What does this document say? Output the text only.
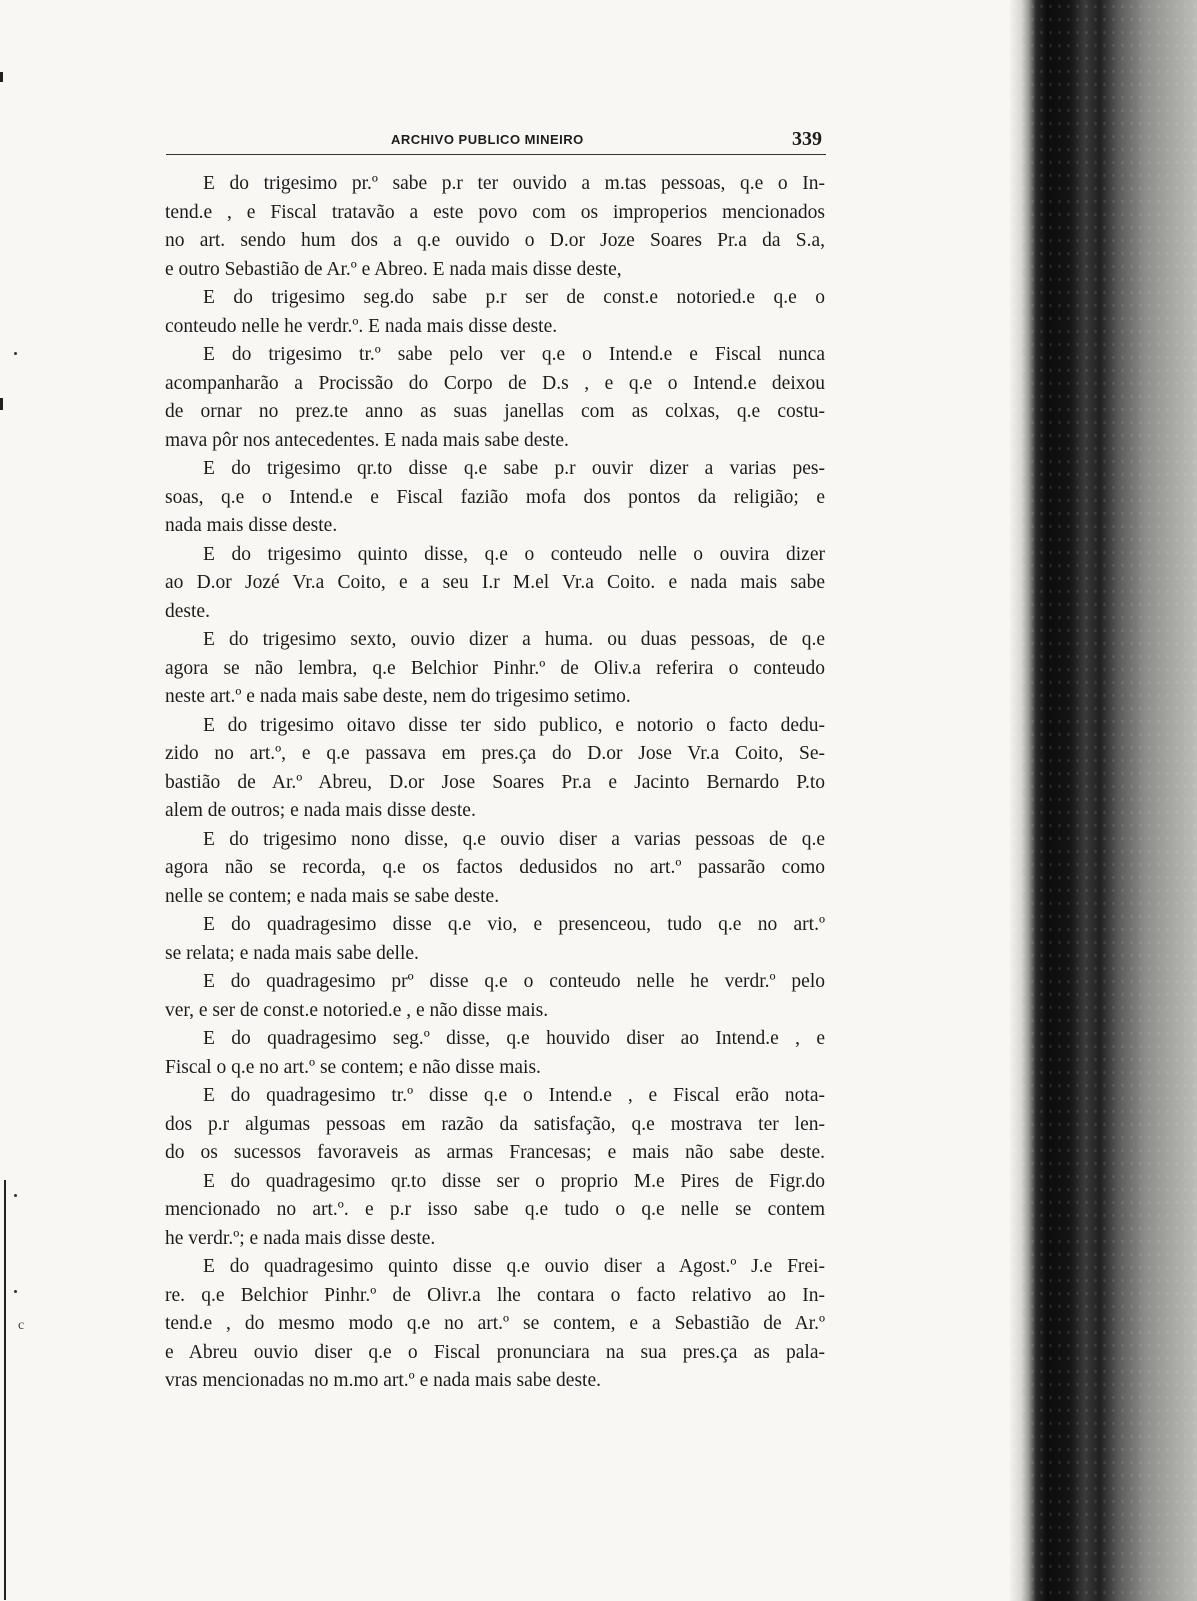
ARCHIVO PUBLICO MINEIRO	339
E do trigesimo pr.º sabe p.r ter ouvido a m.tas pessoas, q.e o In-
tend.e , e Fiscal tratavão a este povo com os improperios mencionados
no art. sendo hum dos a q.e ouvido o D.or Joze Soares Pr.a da S.a,
e outro Sebastião de Ar.º e Abreo. E nada mais disse deste,
E do trigesimo seg.do sabe p.r ser de const.e notoried.e q.e o
conteudo nelle he verdr.º. E nada mais disse deste.
E do trigesimo tr.º sabe pelo ver q.e o Intend.e e Fiscal nunca
acompanharão a Procissão do Corpo de D.s , e q.e o Intend.e deixou
de ornar no prez.te anno as suas janellas com as colxas, q.e costu-
mava pôr nos antecedentes. E nada mais sabe deste.
E do trigesimo qr.to disse q.e sabe p.r ouvir dizer a varias pes-
soas, q.e o Intend.e e Fiscal fazião mofa dos pontos da religião; e
nada mais disse deste.
E do trigesimo quinto disse, q.e o conteudo nelle o ouvira dizer
ao D.or Jozé Vr.a Coito, e a seu I.r M.el Vr.a Coito. e nada mais sabe
deste.
E do trigesimo sexto, ouvio dizer a huma. ou duas pessoas, de q.e
agora se não lembra, q.e Belchior Pinhr.º de Oliv.a referira o conteudo
neste art.º e nada mais sabe deste, nem do trigesimo setimo.
E do trigesimo oitavo disse ter sido publico, e notorio o facto dedu-
zido no art.º, e q.e passava em pres.ça do D.or Jose Vr.a Coito, Se-
bastião de Ar.º Abreu, D.or Jose Soares Pr.a e Jacinto Bernardo P.to
alem de outros; e nada mais disse deste.
E do trigesimo nono disse, q.e ouvio diser a varias pessoas de q.e
agora não se recorda, q.e os factos dedusidos no art.º passarão como
nelle se contem; e nada mais se sabe deste.
E do quadragesimo disse q.e vio, e presenceou, tudo q.e no art.º
se relata; e nada mais sabe delle.
E do quadragesimo prº disse q.e o conteudo nelle he verdr.º pelo
ver, e ser de const.e notoried.e , e não disse mais.
E do quadragesimo seg.º disse, q.e houvido diser ao Intend.e , e
Fiscal o q.e no art.º se contem; e não disse mais.
E do quadragesimo tr.º disse q.e o Intend.e , e Fiscal erão nota-
dos p.r algumas pessoas em razão da satisfação, q.e mostrava ter len-
do os sucessos favoraveis as armas Francesas; e mais não sabe deste.
E do quadragesimo qr.to disse ser o proprio M.e Pires de Figr.do
mencionado no art.º. e p.r isso sabe q.e tudo o q.e nelle se contem
he verdr.º; e nada mais disse deste.
E do quadragesimo quinto disse q.e ouvio diser a Agost.º J.e Frei-
re. q.e Belchior Pinhr.º de Olivr.a lhe contara o facto relativo ao In-
tend.e , do mesmo modo q.e no art.º se contem, e a Sebastião de Ar.º
e Abreu ouvio diser q.e o Fiscal pronunciara na sua pres.ça as pala-
vras mencionadas no m.mo art.º e nada mais sabe deste.
c
